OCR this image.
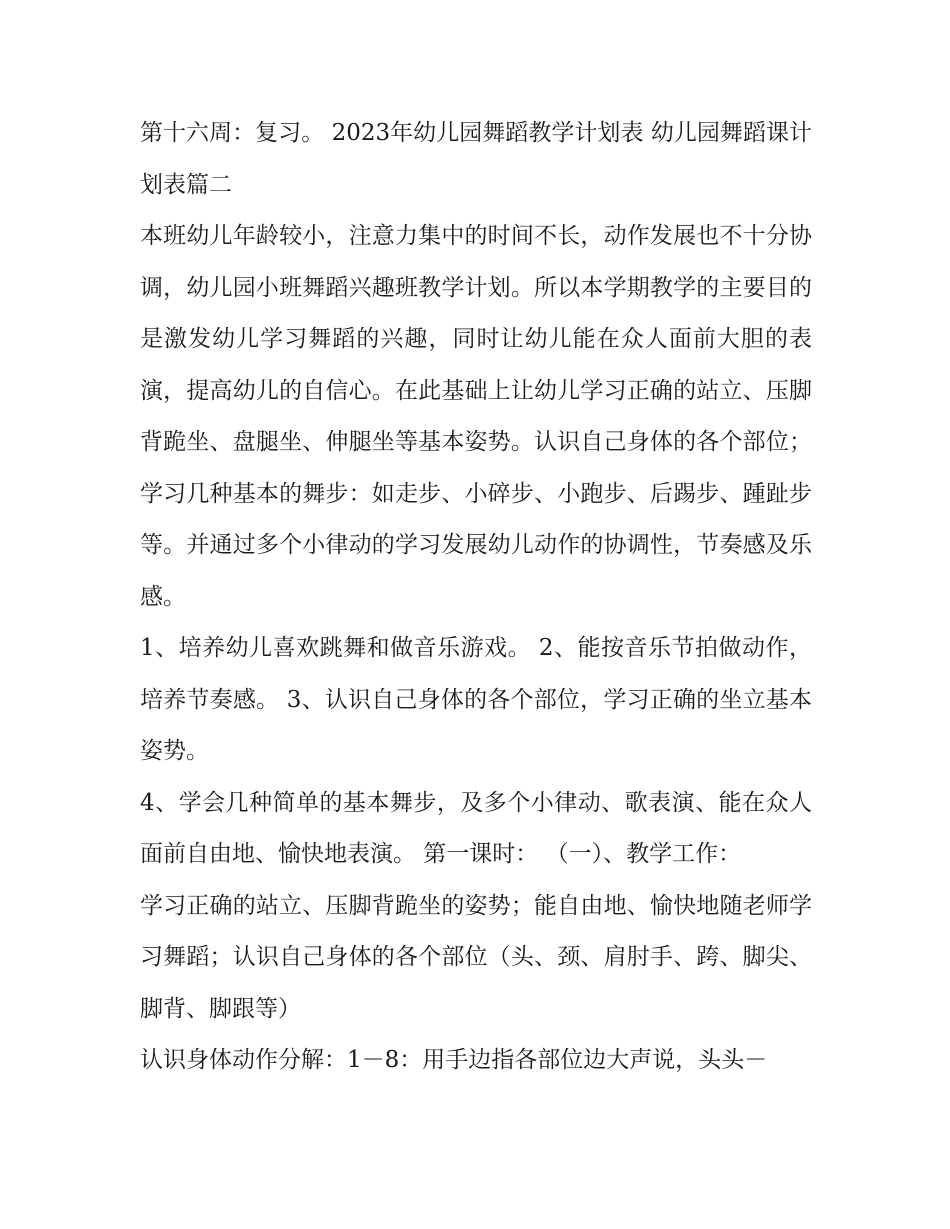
第十六周：复习。 2023年幼儿园舞蹈教学计划表 幼儿园舞蹈课计划表篇二

本班幼儿年龄较小，注意力集中的时间不长，动作发展也不十分协调，幼儿园小班舞蹈兴趣班教学计划。所以本学期教学的主要目的是激发幼儿学习舞蹈的兴趣，同时让幼儿能在众人面前大胆的表演，提高幼儿的自信心。在此基础上让幼儿学习正确的站立、压脚背跪坐、盘腿坐、伸腿坐等基本姿势。认识自己身体的各个部位；学习几种基本的舞步：如走步、小碎步、小跑步、后踢步、踵趾步等。并通过多个小律动的学习发展幼儿动作的协调性，节奏感及乐感。

1、培养幼儿喜欢跳舞和做音乐游戏。 2、能按音乐节拍做动作，培养节奏感。 3、认识自己身体的各个部位，学习正确的坐立基本姿势。

4、学会几种简单的基本舞步，及多个小律动、歌表演、能在众人面前自由地、愉快地表演。 第一课时： （一）、教学工作：

学习正确的站立、压脚背跪坐的姿势；能自由地、愉快地随老师学习舞蹈；认识自己身体的各个部位（头、颈、肩肘手、跨、脚尖、脚背、脚跟等）

认识身体动作分解：1－8：用手边指各部位边大声说，头头－
